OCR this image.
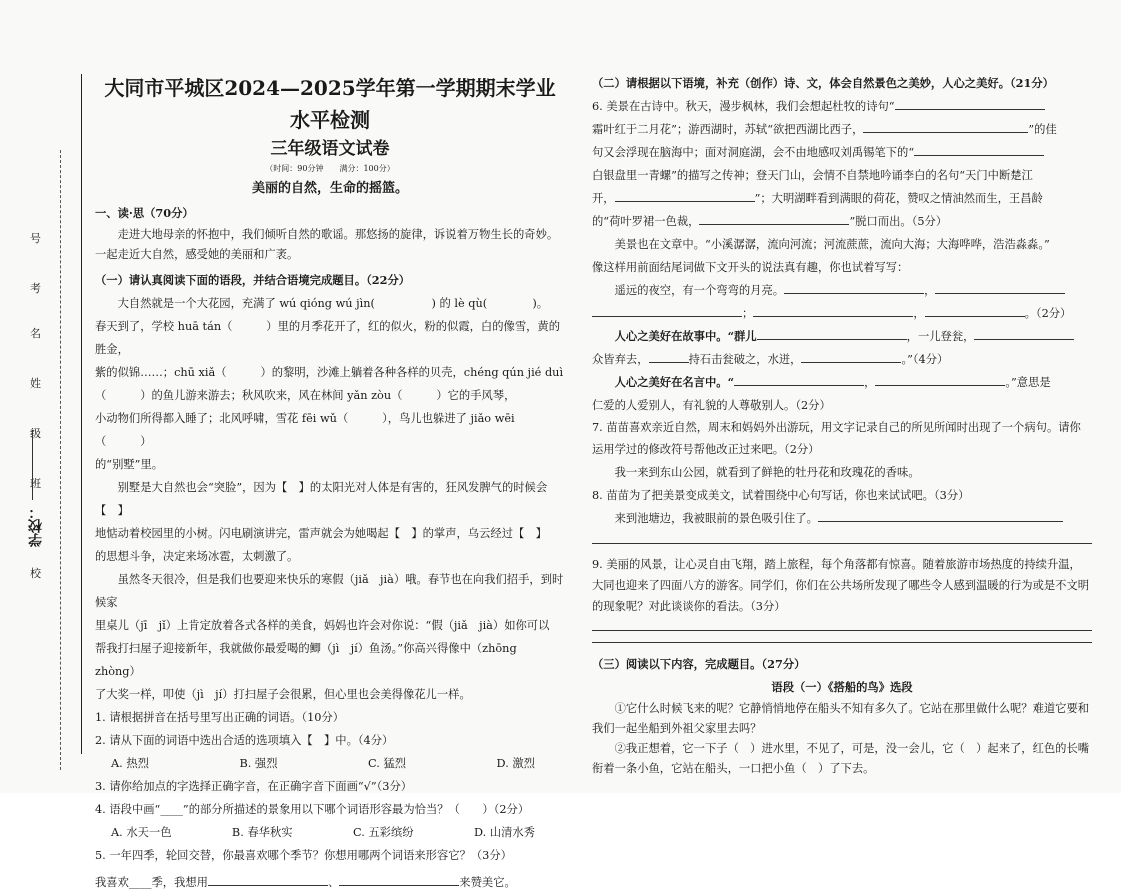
号
考
名
姓
级
班
校
学校：
大同市平城区2024—2025学年第一学期期末学业水平检测
三年级语文试卷
（时间：90分钟　　满分：100分）
美丽的自然，生命的摇篮。

一、读·思（70分）

走进大地母亲的怀抱中，我们倾听自然的歌谣。那悠扬的旋律，诉说着万物生长的奇妙。一起走近大自然，感受她的美丽和广袤。

（一）请认真阅读下面的语段，并结合语境完成题目。（22分）

大自然就是一个大花园，充满了 wú qióng wú jìn(　　　　　) 的 lè qù(　　　　)。

春天到了，学校 huā tán（　　　）里的月季花开了，红的似火，粉的似霞，白的像雪，黄的胜金，

紫的似锦……；chū xiǎ（　　　）的黎明，沙滩上躺着各种各样的贝壳，chéng qún jié duì

（　　　）的鱼儿游来游去；秋风吹来，风在林间 yǎn zòu（　　　）它的手风琴，

小动物们所得都入睡了；北风呼啸，雪花 fēi wǔ（　　　），鸟儿也躲进了 jiǎo wēi（　　　）

的“别墅”里。

别墅是大自然也会“突脸”，因为【　】的太阳光对人体是有害的，狂风发脾气的时候会【　】

地惦动着校园里的小树。闪电刷演讲完，雷声就会为她喝起【　】的掌声，乌云经过【　】

的思想斗争，决定来场冰雹，太刺激了。

虽然冬天很冷，但是我们也要迎来快乐的寒假（jiǎ　jià）哦。春节也在向我们招手，到时候家

里桌儿（jī　jǐ）上肯定放着各式各样的美食，妈妈也许会对你说：“假（jiǎ　jià）如你可以

帮我打扫屋子迎接新年，我就做你最爱喝的鲫（jì　jí）鱼汤。”你高兴得像中（zhōng　zhòng）

了大奖一样，叩使（jì　jí）打扫屋子会很累，但心里也会美得像花儿一样。

1. 请根据拼音在括号里写出正确的词语。（10分）

2. 请从下面的词语中选出合适的选项填入【　】中。（4分）

A. 热烈	B. 强烈	C. 猛烈	D. 激烈

3. 请你给加点的字选择正确字音，在正确字音下面画“√”（3分）

4. 语段中画“____”的部分所描述的景象用以下哪个词语形容最为恰当？（　　）（2分）

A. 水天一色	B. 春华秋实	C. 五彩缤纷	D. 山清水秀

5. 一年四季，轮回交替，你最喜欢哪个季节？你想用哪两个词语来形容它？（3分）

我喜欢____季，我想用	、	来赞美它。

（二）请根据以下语境，补充（创作）诗、文，体会自然景色之美妙，人心之美好。（21分）

6. 美景在古诗中。秋天，漫步枫林，我们会想起杜牧的诗句“

霜叶红于二月花”；游西湖时，苏轼“欲把西湖比西子，	”的佳

句又会浮现在脑海中；面对洞庭湖，会不由地感叹刘禹锡笔下的“

白银盘里一青螺”的描写之传神；登天门山，会情不自禁地吟诵李白的名句“天门中断楚江

开，	”；大明湖畔看到满眼的荷花，赞叹之情油然而生，王昌龄

的“荷叶罗裙一色裁，	”脱口而出。（5分）

美景也在文章中。“小溪潺潺，流向河流；河流蔗蔗，流向大海；大海哗哗，浩浩淼淼。”

像这样用前面结尾词做下文开头的说法真有趣，你也试着写写：

遥远的夜空，有一个弯弯的月亮。	，

；	，	。（2分）

人心之美好在故事中。“群儿	，一儿登瓮，

众皆弃去，	持石击瓮破之，水迸，	。”（4分）

人心之美好在名言中。“	，	。”意思是

仁爱的人爱别人，有礼貌的人尊敬别人。（2分）

7. 苗苗喜欢亲近自然，周末和妈妈外出游玩，用文字记录自己的所见所闻时出现了一个病句。请你运用学过的修改符号帮他改正过来吧。（2分）

我一来到东山公园，就看到了鲜艳的牡丹花和玫瑰花的香味。

8. 苗苗为了把美景变成美文，试着围绕中心句写话，你也来试试吧。（3分）

来到池塘边，我被眼前的景色吸引住了。

9. 美丽的风景，让心灵自由飞翔，踏上旅程，每个角落都有惊喜。随着旅游市场热度的持续升温，大同也迎来了四面八方的游客。同学们，你们在公共场所发现了哪些令人感到温暖的行为或是不文明的现象呢？对此谈谈你的看法。（3分）

（三）阅读以下内容，完成题目。（27分）

语段（一）《搭船的鸟》选段

①它什么时候飞来的呢？它静悄悄地停在船头不知有多久了。它站在那里做什么呢？难道它要和我们一起坐船到外祖父家里去吗？

②我正想着，它一下子（　）进水里，不见了，可是，没一会儿，它（　）起来了，红色的长嘴衔着一条小鱼，它站在船头，一口把小鱼（　）了下去。
